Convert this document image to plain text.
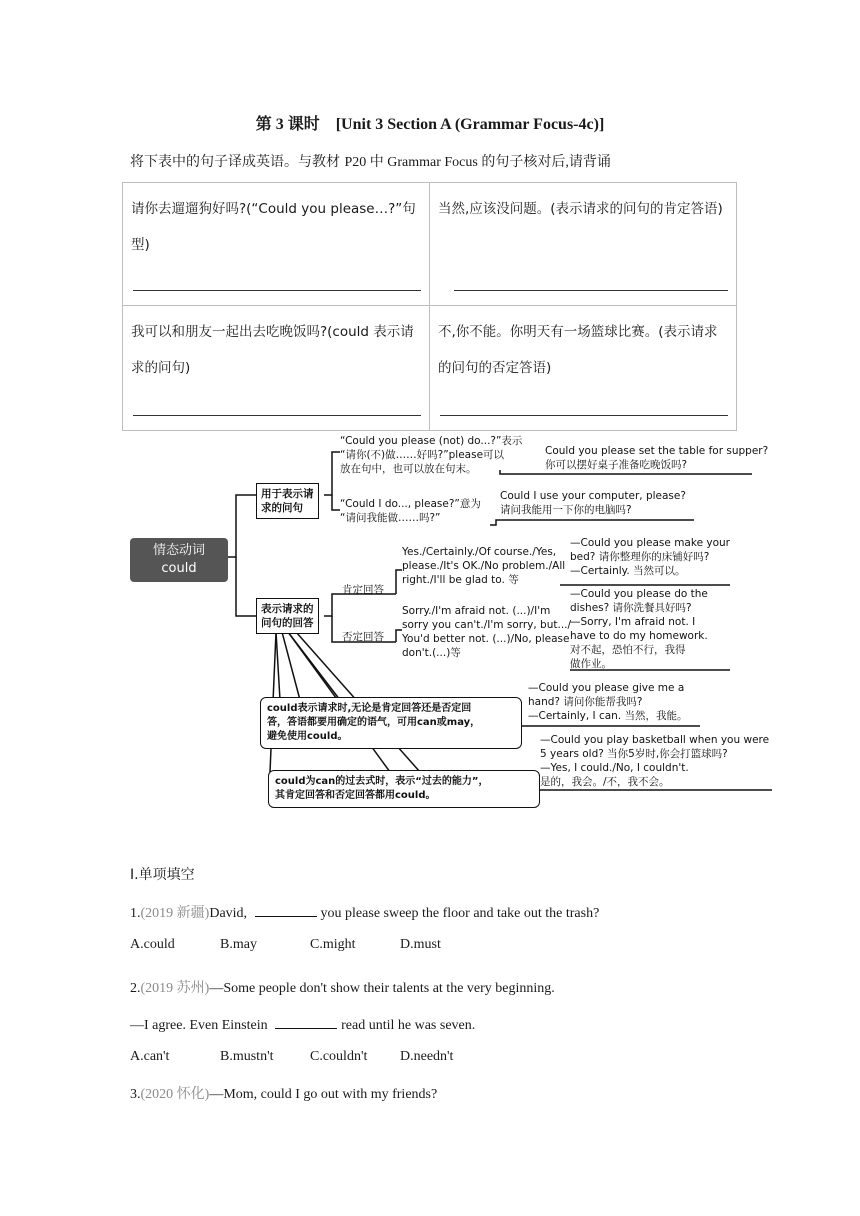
第 3 课时　[Unit 3 Section A (Grammar Focus-4c)]
将下表中的句子译成英语。与教材 P20 中 Grammar Focus 的句子核对后,请背诵
请你去遛遛狗好吗?(“Could you please…?”句型)	当然,应该没问题。(表示请求的问句的肯定答语)

我可以和朋友一起出去吃晚饭吗?(could 表示请求的问句)	不,你不能。你明天有一场篮球比赛。(表示请求的问句的否定答语)
情态动词
could
用于表示请
求的问句
表示请求的
问句的回答
“Could you please (not) do...?”表示
“请你(不)做……好吗?”please可以
放在句中，也可以放在句末。
“Could I do..., please?”意为
“请问我能做……吗?”
Could you please set the table for supper?
你可以摆好桌子准备吃晚饭吗?
Could I use your computer, please?
请问我能用一下你的电脑吗?
肯定回答
否定回答
Yes./Certainly./Of course./Yes,
please./It's OK./No problem./All
right./I'll be glad to. 等
Sorry./I'm afraid not. (...)/I'm
sorry you can't./I'm sorry, but.../
You'd better not. (...)/No, please
don't.(...)等
—Could you please make your
bed? 请你整理你的床铺好吗?
—Certainly. 当然可以。
—Could you please do the
dishes? 请你洗餐具好吗?
—Sorry, I'm afraid not. I
have to do my homework.
对不起，恐怕不行，我得
做作业。
could表示请求时,无论是肯定回答还是否定回
答，答语都要用确定的语气，可用can或may，
避免使用could。
—Could you please give me a
hand? 请问你能帮我吗?
—Certainly, I can. 当然，我能。
could为can的过去式时，表示“过去的能力”，
其肯定回答和否定回答都用could。
—Could you play basketball when you were
5 years old? 当你5岁时,你会打篮球吗?
—Yes, I could./No, I couldn't.
是的，我会。/不，我不会。
I.单项填空
1.(2019 新疆)David,	you please sweep the floor and take out the trash?
A.could	B.may	C.might	D.must
2.(2019 苏州)—Some people don't show their talents at the very beginning.
—I agree. Even Einstein	read until he was seven.
A.can't	B.mustn't	C.couldn't D.needn't
3.(2020 怀化)—Mom, could I go out with my friends?
